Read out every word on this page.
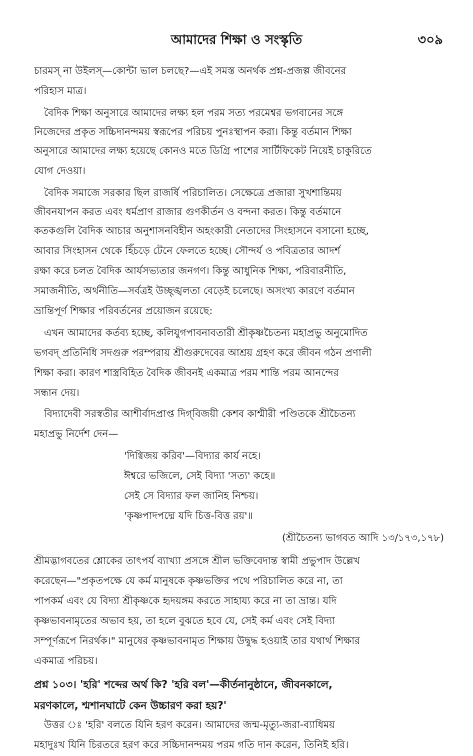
আমাদের শিক্ষা ও সংস্কৃতি	৩০৯
চারমস্ না উইলস্—কোন্টা ভাল চলছে?—এই সমস্ত অনর্থক প্রশ্ন-প্রজল্প জীবনের
পরিহাস মাত্র।
বৈদিক শিক্ষা অনুসারে আমাদের লক্ষ্য হল পরম সত্য পরমেশ্বর ভগবানের সঙ্গে
নিজেদের প্রকৃত সচ্চিদানন্দময় স্বরূপের পরিচয় পুনঃস্থাপন করা। কিন্তু বর্তমান শিক্ষা
অনুসারে আমাদের লক্ষ্য হয়েছে কোনও মতে ডিগ্রি পাশের সার্টিফিকেট নিয়েই চাকুরিতে
যোগ দেওয়া।
বৈদিক সমাজে সরকার ছিল রাজর্ষি পরিচালিত। সেক্ষেত্রে প্রজারা সুখশান্তিময়
জীবনযাপন করত এবং ধর্মপ্রাণ রাজার গুণকীর্তন ও বন্দনা করত। কিন্তু বর্তমানে
কতকগুলি বৈদিক আচার অনুশাসনবিহীন অহংকারী নেতাদের সিংহাসনে বসানো হচ্ছে,
আবার সিংহাসন থেকে হিঁচড়ে টেনে ফেলতে হচ্ছে। সৌন্দর্য ও পবিত্রতার আদর্শ
রক্ষা করে চলত বৈদিক আর্যসভ্যতার জনগণ। কিন্তু আধুনিক শিক্ষা, পরিবারনীতি,
সমাজনীতি, অর্থনীতি—সর্বত্রই উচ্ছৃঙ্খলতা বেড়েই চলেছে। অসংখ্য কারণে বর্তমান
ভ্রান্তিপূর্ণ শিক্ষার পরিবর্তনের প্রয়োজন রয়েছে:
এখন আমাদের কর্তব্য হচ্ছে, কলিযুগপাবনাবতারী শ্রীকৃষ্ণচৈতন্য মহাপ্রভু অনুমোদিত
ভগবদ্ প্রতিনিধি সদগুরু পরম্পরায় শ্রীগুরুদেবের আশ্রয় গ্রহণ করে জীবন গঠন প্রণালী
শিক্ষা করা। কারণ শাস্ত্রবিহিত বৈদিক জীবনই একমাত্র পরম শান্তি পরম আনন্দের
সন্ধান দেয়।
বিদ্যাদেবী সরস্বতীর আশীর্বাদপ্রাপ্ত দিগ্‌বিজয়ী কেশব কাশ্মীরী পণ্ডিতকে শ্রীচৈতন্য
মহাপ্রভু নির্দেশ দেন—
'দিগ্বিজয় করিব'—বিদ্যার কার্য নহে।
ঈশ্বরে ভজিলে, সেই বিদ্যা 'সত্য' কহে॥
সেই সে বিদ্যার ফল জানিহ নিশ্চয়।
'কৃষ্ণপাদপদ্মে যদি চিত্ত-বিত্ত রয়'॥
(শ্রীচৈতন্য ভাগবত আদি ১৩/১৭৩,১৭৮)
শ্রীমদ্ভাগবতের শ্লোকের তাৎপর্য ব্যাখ্যা প্রসঙ্গে শ্রীল ভক্তিবেদান্ত স্বামী প্রভুপাদ উল্লেখ
করেছেন—"প্রকৃতপক্ষে যে কর্ম মানুষকে কৃষ্ণভক্তির পথে পরিচালিত করে না, তা
পাপকর্ম এবং যে বিদ্যা শ্রীকৃষ্ণকে হৃদয়ঙ্গম করতে সাহায্য করে না তা ভ্রান্ত। যদি
কৃষ্ণভাবনামৃতের অভাব হয়, তা হলে বুঝতে হবে যে, সেই কর্ম এবং সেই বিদ্যা
সম্পূর্ণরূপে নিরর্থক।" মানুষের কৃষ্ণভাবনামৃত শিক্ষায় উদ্বুদ্ধ হওয়াই তার যথার্থ শিক্ষার
একমাত্র পরিচয়।
প্রশ্ন ১০৩। 'হরি' শব্দের অর্থ কি? 'হরি বল'—কীর্তনানুষ্ঠানে, জীবনকালে,
মরণকালে, শ্মশানঘাটে কেন উচ্চারণ করা হয়?'
উত্তর ঃ 'হরি' বলতে যিনি হরণ করেন। আমাদের জন্ম-মৃত্যু-জরা-ব্যাধিময়
মহাদুঃখ যিনি চিরতরে হরণ করে সচ্চিদানন্দময় পরম গতি দান করেন, তিনিই হরি।
